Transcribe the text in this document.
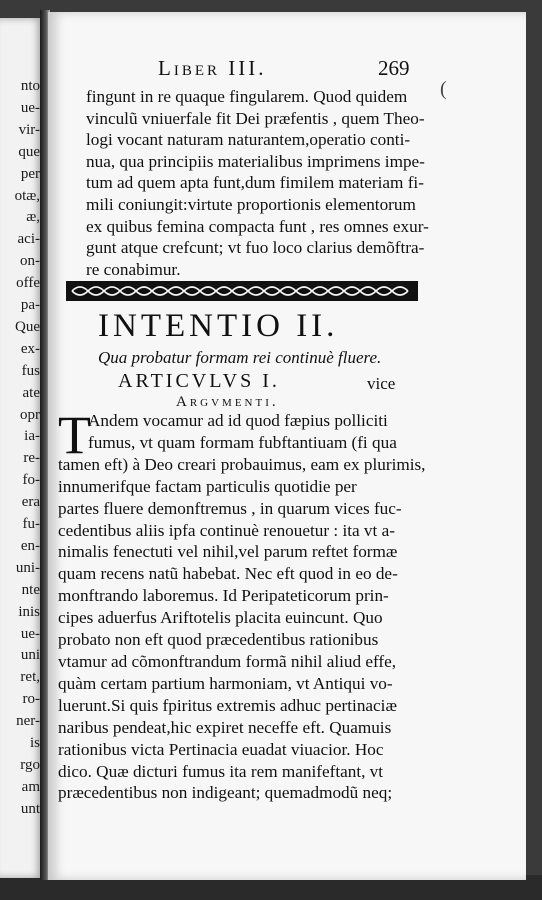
nto
ue-
vir-
que
per
otæ,
æ,
aci-
on-
offe
pa-
Que
ex-
fus
ate
opr
ia-
re-
fo-
era
fu-
en-
uni-
nte
inis
ue-
uni
ret,
ro-
ner-
is
rgo
am
unt
Liber III.	269
(
fingunt in re quaque fingularem. Quod quidem
vinculũ vniuerfale fit Dei præfentis , quem Theo-
logi vocant naturam naturantem,operatio conti-
nua, qua principiis materialibus imprimens impe-
tum ad quem apta funt,dum fimilem materiam fi-
mili coniungit:virtute proportionis elementorum
ex quibus femina compacta funt , res omnes exur-
gunt atque crefcunt; vt fuo loco clarius demõftra-
re conabimur.
INTENTIO II.
Qua probatur formam rei continuè fluere.
ARTICVLVS I.	vice
Argvmenti.
T
Andem vocamur ad id quod fæpius polliciti
fumus, vt quam formam fubftantiuam (fi qua
tamen eft) à Deo creari probauimus, eam ex plurimis,
innumerifque factam particulis quotidie per
partes fluere demonftremus , in quarum vices fuc-
cedentibus aliis ipfa continuè renouetur : ita vt a-
nimalis fenectuti vel nihil,vel parum reftet formæ
quam recens natũ habebat. Nec eft quod in eo de-
monftrando laboremus. Id Peripateticorum prin-
cipes aduerfus Ariftotelis placita euincunt. Quo
probato non eft quod præcedentibus rationibus
vtamur ad cõmonftrandum formã nihil aliud effe,
quàm certam partium harmoniam, vt Antiqui vo-
luerunt.Si quis fpiritus extremis adhuc pertinaciæ
naribus pendeat,hic expiret neceffe eft. Quamuis
rationibus victa Pertinacia euadat viuacior. Hoc
dico. Quæ dicturi fumus ita rem manifeftant, vt
præcedentibus non indigeant; quemadmodũ neq;
